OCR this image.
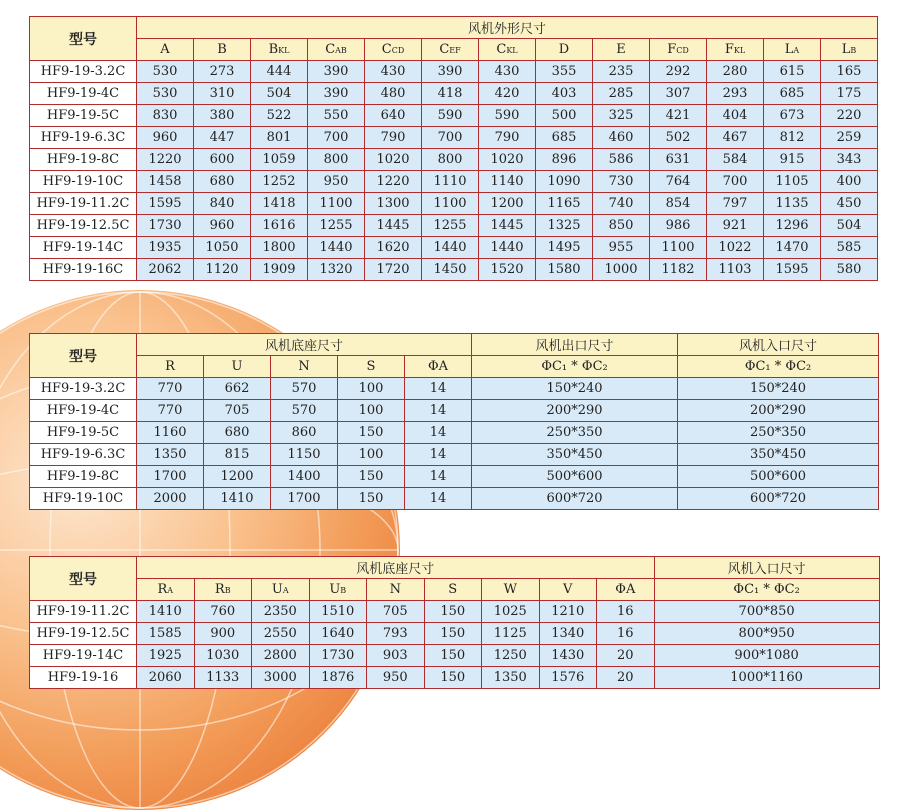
型号	风机外形尺寸												
	A	B	BKL	CAB	CCD	CEF	CKL	D	E	FCD	FKL	LA	LB
HF9-19-3.2C	530	273	444	390	430	390	430	355	235	292	280	615	165
HF9-19-4C	530	310	504	390	480	418	420	403	285	307	293	685	175
HF9-19-5C	830	380	522	550	640	590	590	500	325	421	404	673	220
HF9-19-6.3C	960	447	801	700	790	700	790	685	460	502	467	812	259
HF9-19-8C	1220	600	1059	800	1020	800	1020	896	586	631	584	915	343
HF9-19-10C	1458	680	1252	950	1220	1110	1140	1090	730	764	700	1105	400
HF9-19-11.2C	1595	840	1418	1100	1300	1100	1200	1165	740	854	797	1135	450
HF9-19-12.5C	1730	960	1616	1255	1445	1255	1445	1325	850	986	921	1296	504
HF9-19-14C	1935	1050	1800	1440	1620	1440	1440	1495	955	1100	1022	1470	585
HF9-19-16C	2062	1120	1909	1320	1720	1450	1520	1580	1000	1182	1103	1595	580
型号	风机底座尺寸					风机出口尺寸	风机入口尺寸
	R	U	N	S	ΦA	ΦC₁ * ΦC₂	ΦC₁ * ΦC₂
HF9-19-3.2C	770	662	570	100	14	150*240	150*240
HF9-19-4C	770	705	570	100	14	200*290	200*290
HF9-19-5C	1160	680	860	150	14	250*350	250*350
HF9-19-6.3C	1350	815	1150	100	14	350*450	350*450
HF9-19-8C	1700	1200	1400	150	14	500*600	500*600
HF9-19-10C	2000	1410	1700	150	14	600*720	600*720
型号	风机底座尺寸									风机入口尺寸
	RA	RB	UA	UB	N	S	W	V	ΦA	ΦC₁ * ΦC₂
HF9-19-11.2C	1410	760	2350	1510	705	150	1025	1210	16	700*850
HF9-19-12.5C	1585	900	2550	1640	793	150	1125	1340	16	800*950
HF9-19-14C	1925	1030	2800	1730	903	150	1250	1430	20	900*1080
HF9-19-16	2060	1133	3000	1876	950	150	1350	1576	20	1000*1160
